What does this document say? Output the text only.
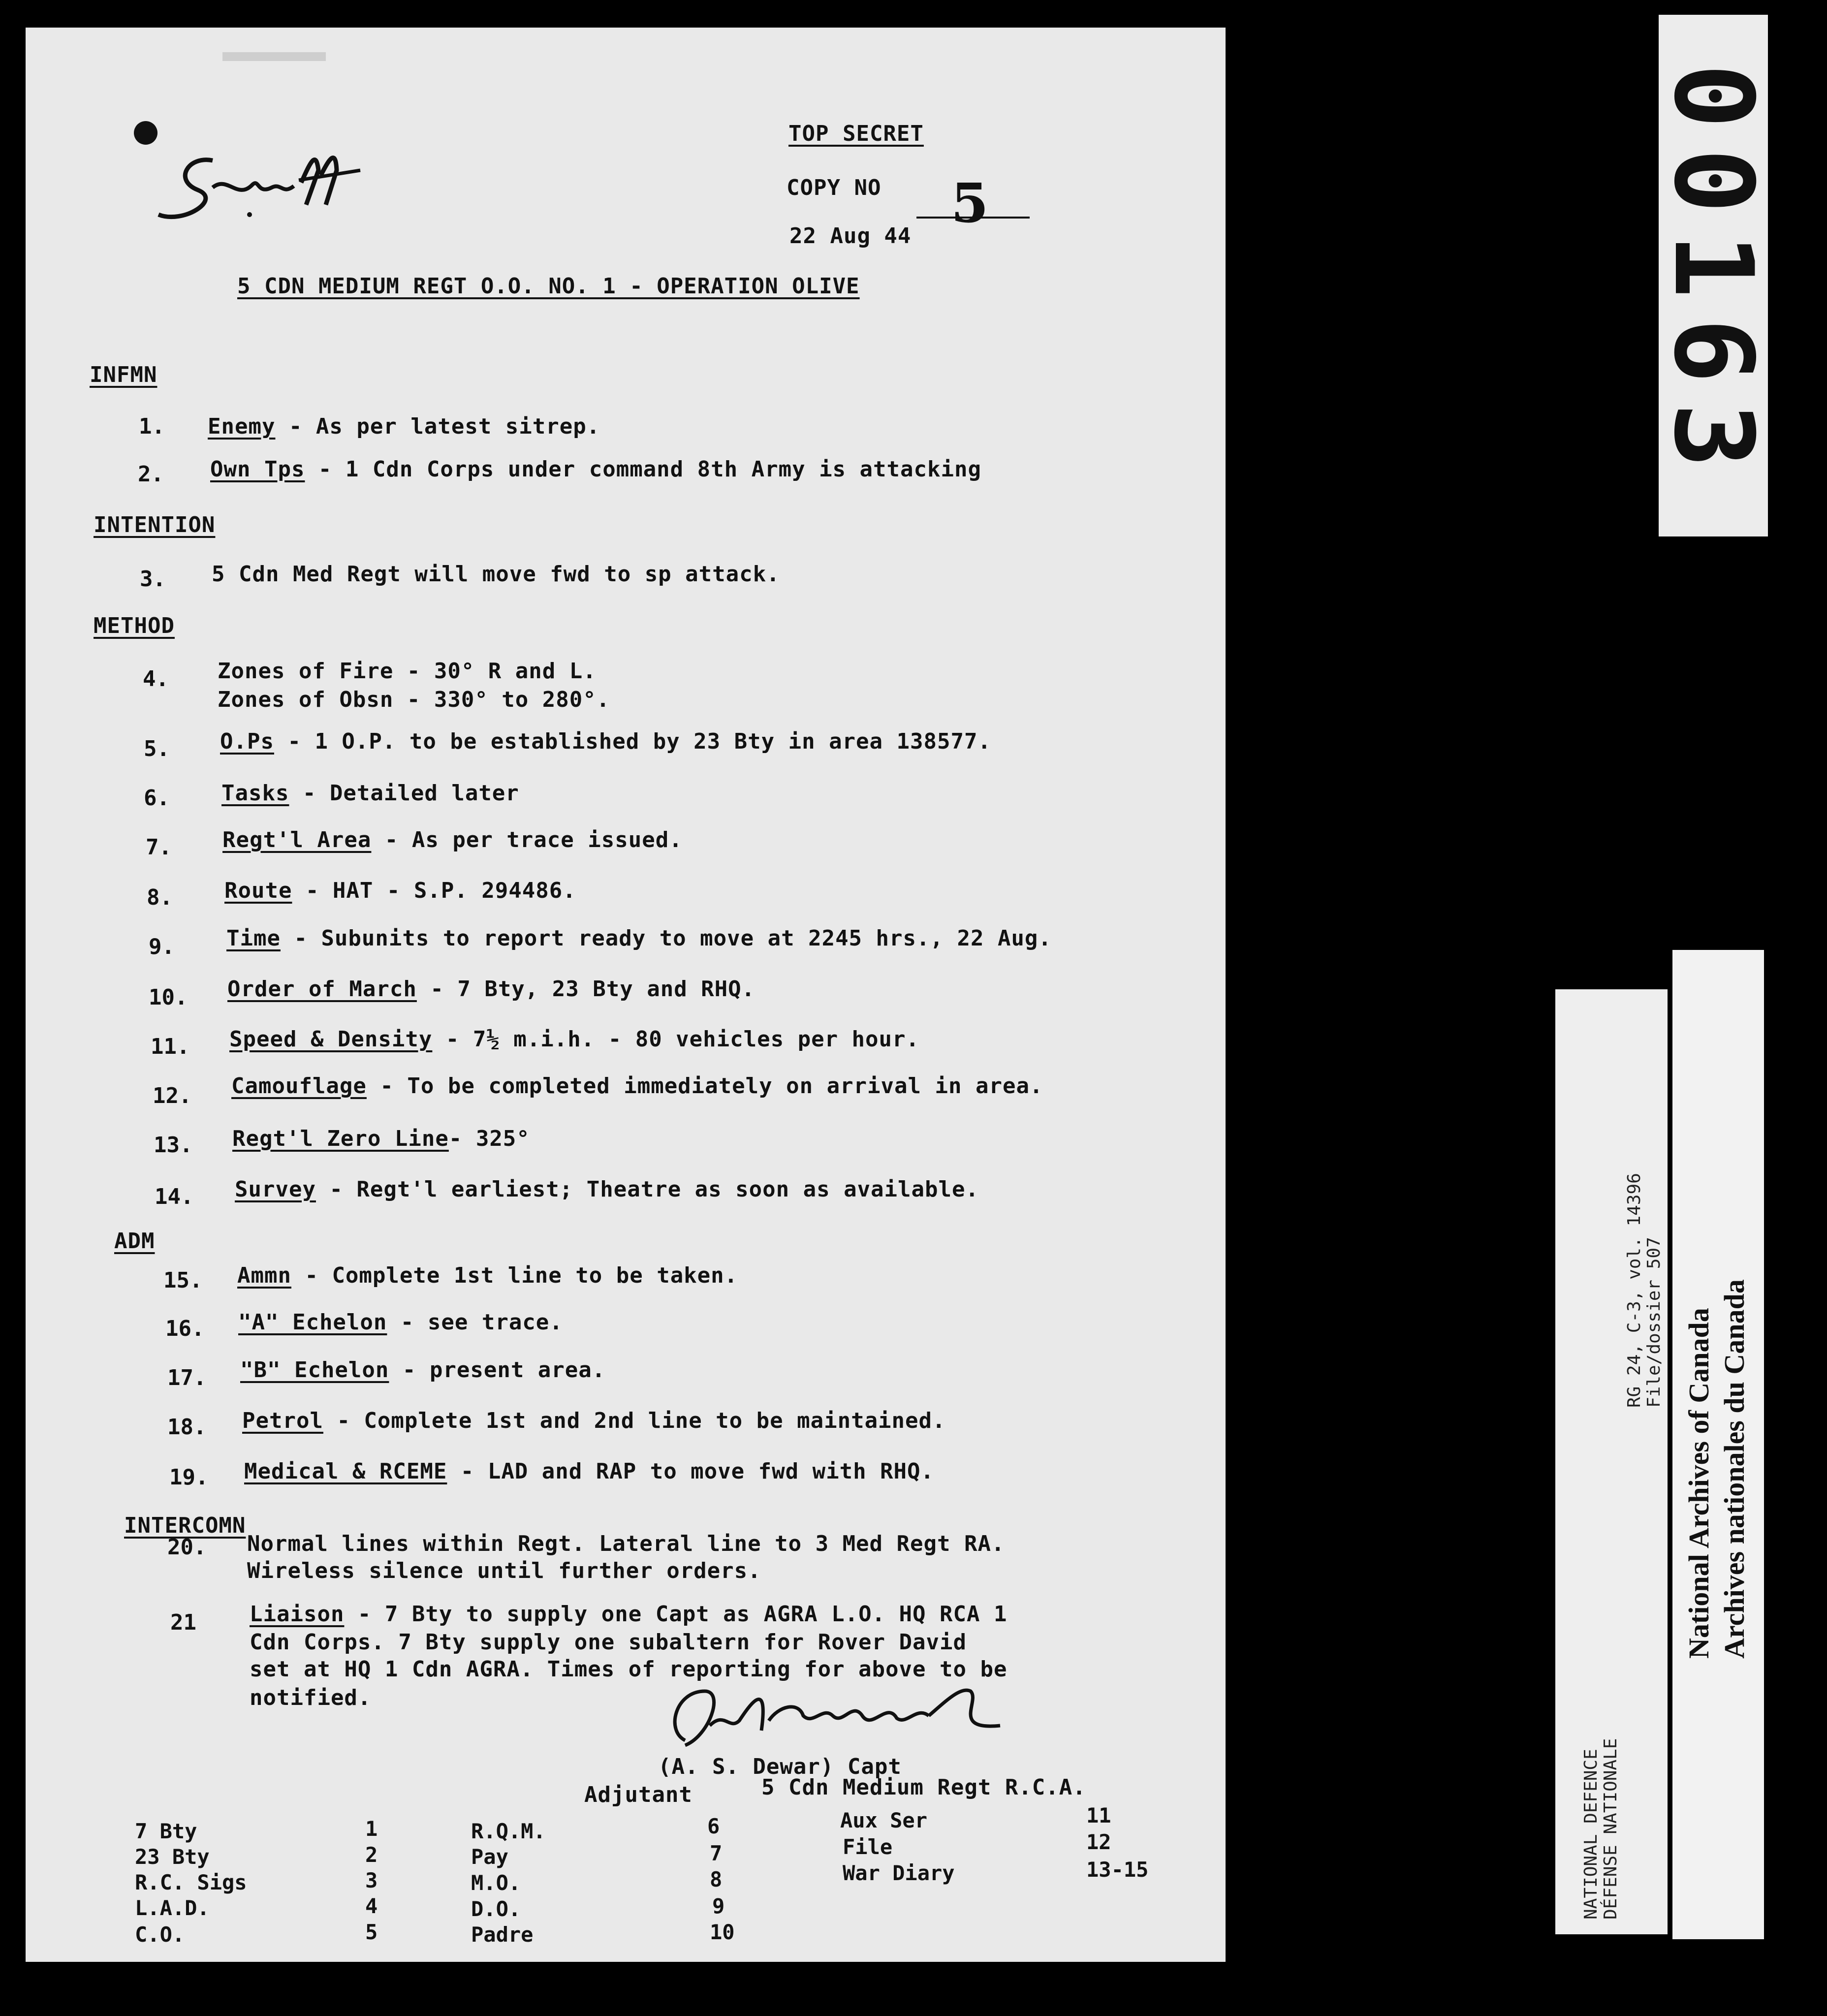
TOP SECRET
COPY NO 5
22 Aug 44
5 CDN MEDIUM REGT O.O. NO. 1 - OPERATION OLIVE
INFMN
1. Enemy - As per latest sitrep.
2. Own Tps - 1 Cdn Corps under command 8th Army is attacking
INTENTION
3. 5 Cdn Med Regt will move fwd to sp attack.
METHOD
4. Zones of Fire - 30° R and L.
Zones of Obsn - 330° to 280°.
5. O.Ps - 1 O.P. to be established by 23 Bty in area 138577.
6. Tasks - Detailed later
7. Regt'l Area - As per trace issued.
8. Route - HAT - S.P. 294486.
9. Time - Subunits to report ready to move at 2245 hrs., 22 Aug.
10. Order of March - 7 Bty, 23 Bty and RHQ.
11. Speed & Density - 7½ m.i.h. - 80 vehicles per hour.
12. Camouflage - To be completed immediately on arrival in area.
13. Regt'l Zero Line- 325°
14. Survey - Regt'l earliest; Theatre as soon as available.
ADM
15. Ammn - Complete 1st line to be taken.
16. "A" Echelon - see trace.
17. "B" Echelon - present area.
18. Petrol - Complete 1st and 2nd line to be maintained.
19. Medical & RCEME - LAD and RAP to move fwd with RHQ.
INTERCOMN
20. Normal lines within Regt. Lateral line to 3 Med Regt RA.
Wireless silence until further orders.
21 Liaison - 7 Bty to supply one Capt as AGRA L.O. HQ RCA 1
Cdn Corps. 7 Bty supply one subaltern for Rover David
set at HQ 1 Cdn AGRA. Times of reporting for above to be
notified.
(A. S. Dewar) Capt
Adjutant	5 Cdn Medium Regt R.C.A.
7 Bty	1	R.Q.M.	6	Aux Ser	11
23 Bty	2	Pay	7	File	12
R.C. Sigs	3	M.O.	8	War Diary	13-15
L.A.D.	4	D.O.	9
C.O.	5	Padre	10
00163
NATIONAL DEFENCE DÉFENSE NATIONALE
RG 24, C-3, vol. 14396 File/dossier 507 National Archives of Canada Archives nationales du Canada
